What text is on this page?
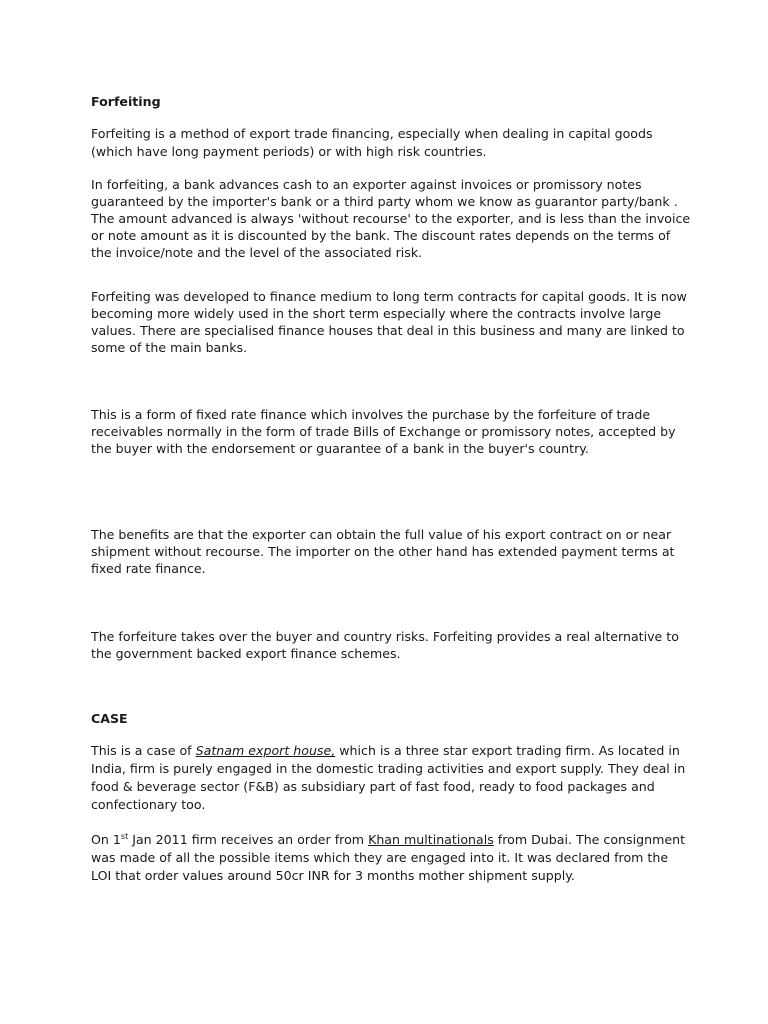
Forfeiting

Forfeiting is a method of export trade financing, especially when dealing in capital goods (which have long payment periods) or with high risk countries.

In forfeiting, a bank advances cash to an exporter against invoices or promissory notes guaranteed by the importer's bank or a third party whom we know as guarantor party/bank . The amount advanced is always 'without recourse' to the exporter, and is less than the invoice or note amount as it is discounted by the bank. The discount rates depends on the terms of the invoice/note and the level of the associated risk.

Forfeiting was developed to finance medium to long term contracts for capital goods. It is now becoming more widely used in the short term especially where the contracts involve large values. There are specialised finance houses that deal in this business and many are linked to some of the main banks.

This is a form of fixed rate finance which involves the purchase by the forfeiture of trade receivables normally in the form of trade Bills of Exchange or promissory notes, accepted by the buyer with the endorsement or guarantee of a bank in the buyer's country.

The benefits are that the exporter can obtain the full value of his export contract on or near shipment without recourse. The importer on the other hand has extended payment terms at fixed rate finance.

The forfeiture takes over the buyer and country risks. Forfeiting provides a real alternative to the government backed export finance schemes.

CASE

This is a case of Satnam export house, which is a three star export trading firm. As located in India, firm is purely engaged in the domestic trading activities and export supply. They deal in food & beverage sector (F&B) as subsidiary part of fast food, ready to food packages and confectionary too.

On 1st Jan 2011 firm receives an order from Khan multinationals from Dubai. The consignment was made of all the possible items which they are engaged into it. It was declared from the LOI that order values around 50cr INR for 3 months mother shipment supply.
